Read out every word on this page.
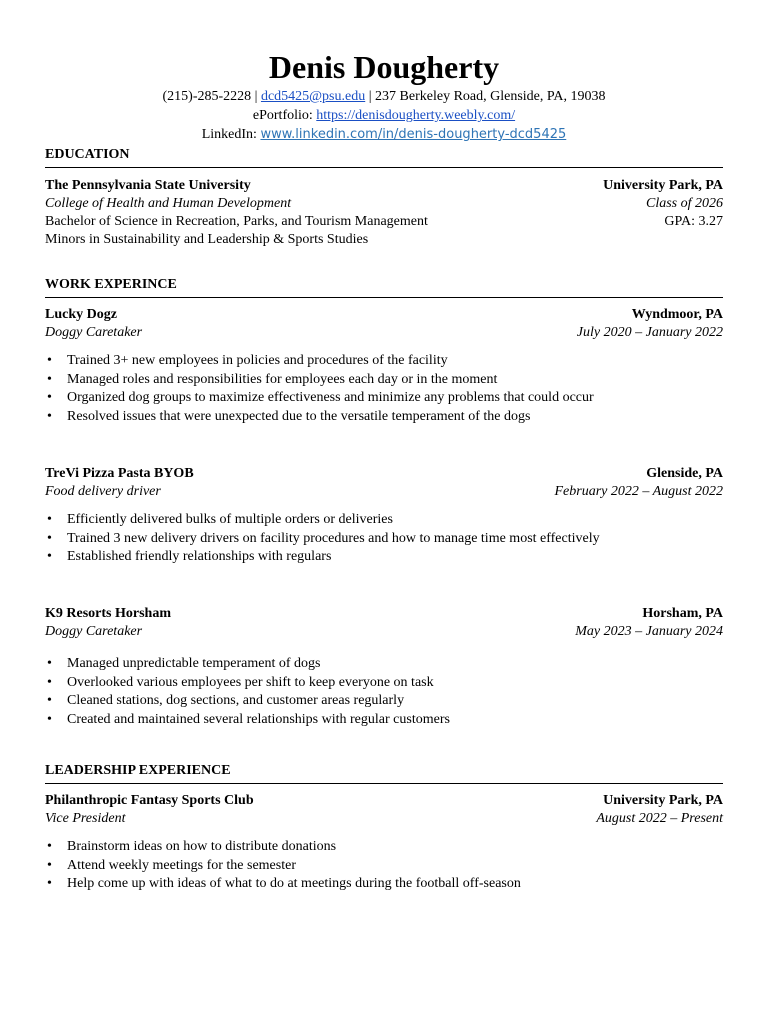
Denis Dougherty
(215)-285-2228 | dcd5425@psu.edu | 237 Berkeley Road, Glenside, PA, 19038
ePortfolio: https://denisdougherty.weebly.com/
LinkedIn: www.linkedin.com/in/denis-dougherty-dcd5425
EDUCATION
The Pennsylvania State University	University Park, PA
College of Health and Human Development	Class of 2026
Bachelor of Science in Recreation, Parks, and Tourism Management	GPA: 3.27
Minors in Sustainability and Leadership & Sports Studies
WORK EXPERINCE
Lucky Dogz	Wyndmoor, PA
Doggy Caretaker	July 2020 – January 2022
• Trained 3+ new employees in policies and procedures of the facility
• Managed roles and responsibilities for employees each day or in the moment
• Organized dog groups to maximize effectiveness and minimize any problems that could occur
• Resolved issues that were unexpected due to the versatile temperament of the dogs
TreVi Pizza Pasta BYOB	Glenside, PA
Food delivery driver	February 2022 – August 2022
• Efficiently delivered bulks of multiple orders or deliveries
• Trained 3 new delivery drivers on facility procedures and how to manage time most effectively
• Established friendly relationships with regulars
K9 Resorts Horsham	Horsham, PA
Doggy Caretaker	May 2023 – January 2024
• Managed unpredictable temperament of dogs
• Overlooked various employees per shift to keep everyone on task
• Cleaned stations, dog sections, and customer areas regularly
• Created and maintained several relationships with regular customers
LEADERSHIP EXPERIENCE
Philanthropic Fantasy Sports Club	University Park, PA
Vice President	August 2022 – Present
• Brainstorm ideas on how to distribute donations
• Attend weekly meetings for the semester
• Help come up with ideas of what to do at meetings during the football off-season
